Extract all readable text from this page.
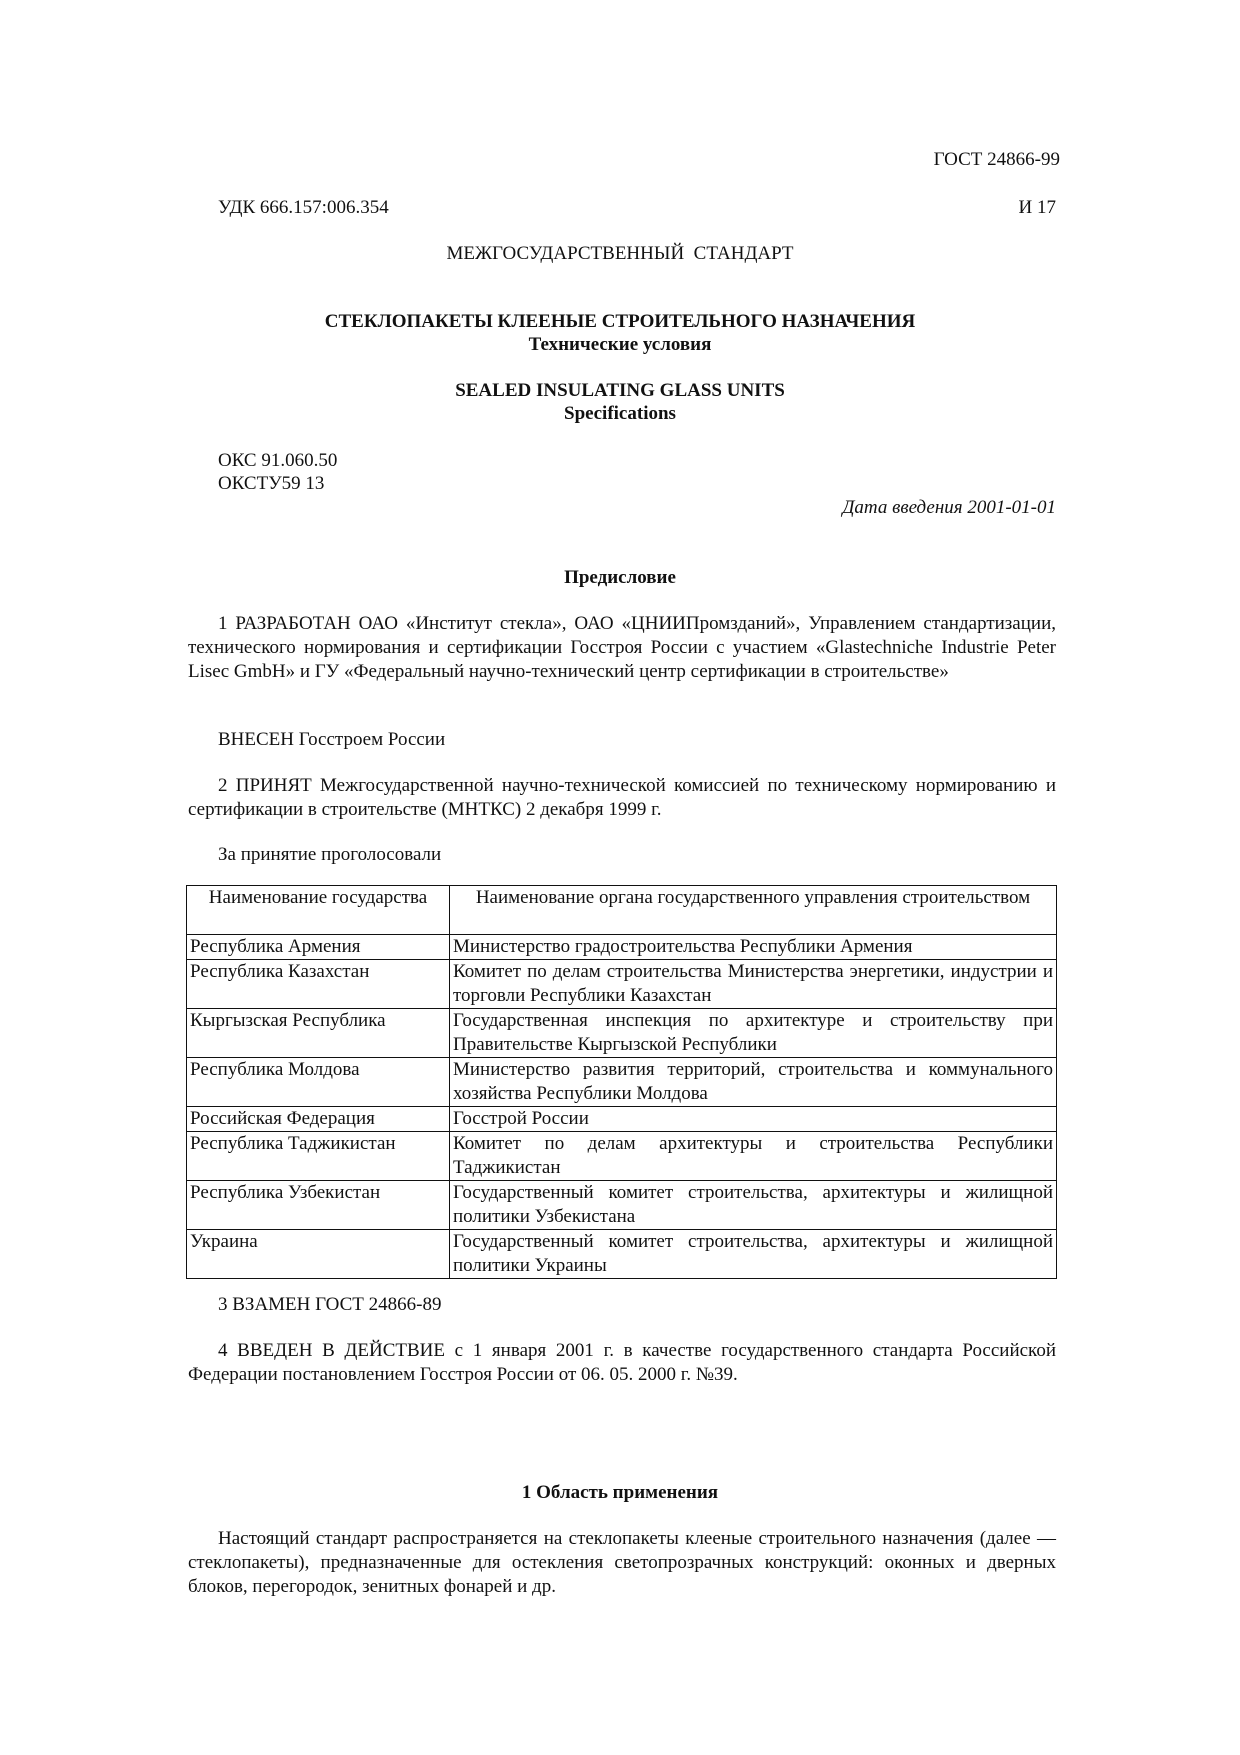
ГОСТ 24866-99
УДК 666.157:006.354	И 17
МЕЖГОСУДАРСТВЕННЫЙ  СТАНДАРТ
СТЕКЛОПАКЕТЫ КЛЕЕНЫЕ СТРОИТЕЛЬНОГО НАЗНАЧЕНИЯ
Технические условия
SEALED INSULATING GLASS UNITS
Specifications
ОКС 91.060.50
ОКСТУ59 13
Дата введения 2001-01-01
Предисловие
1 РАЗРАБОТАН ОАО «Институт стекла», ОАО «ЦНИИПромзданий», Управлением стандартизации, технического нормирования и сертификации Госстроя России с участием «Glastechniche Industrie Peter Lisec GmbH» и ГУ «Федеральный научно-технический центр сертификации в строительстве»
ВНЕСЕН Госстроем России
2 ПРИНЯТ Межгосударственной научно-технической комиссией по техническому нормированию и сертификации в строительстве (МНТКС) 2 декабря 1999 г.
За принятие проголосовали
Наименование государства	Наименование органа государственного управления строительством
Республика Армения	Министерство градостроительства Республики Армения
Республика Казахстан	Комитет по делам строительства Министерства энергетики, индустрии и торговли Республики Казахстан
Кыргызская Республика	Государственная инспекция по архитектуре и строительству при Правительстве Кыргызской Республики
Республика Молдова	Министерство развития территорий, строительства и коммунального хозяйства Республики Молдова
Российская Федерация	Госстрой России
Республика Таджикистан	Комитет по делам архитектуры и строительства Республики Таджикистан
Республика Узбекистан	Государственный комитет строительства, архитектуры и жилищной политики Узбекистана
Украина	Государственный комитет строительства, архитектуры и жилищной политики Украины
3 ВЗАМЕН ГОСТ 24866-89
4 ВВЕДЕН В ДЕЙСТВИЕ с 1 января 2001 г. в качестве государственного стандарта Российской Федерации постановлением Госстроя России от 06. 05. 2000 г. №39.
1 Область применения
Настоящий стандарт распространяется на стеклопакеты клееные строительного назначения (далее — стеклопакеты), предназначенные для остекления светопрозрачных конструкций: оконных и дверных блоков, перегородок, зенитных фонарей и др.
